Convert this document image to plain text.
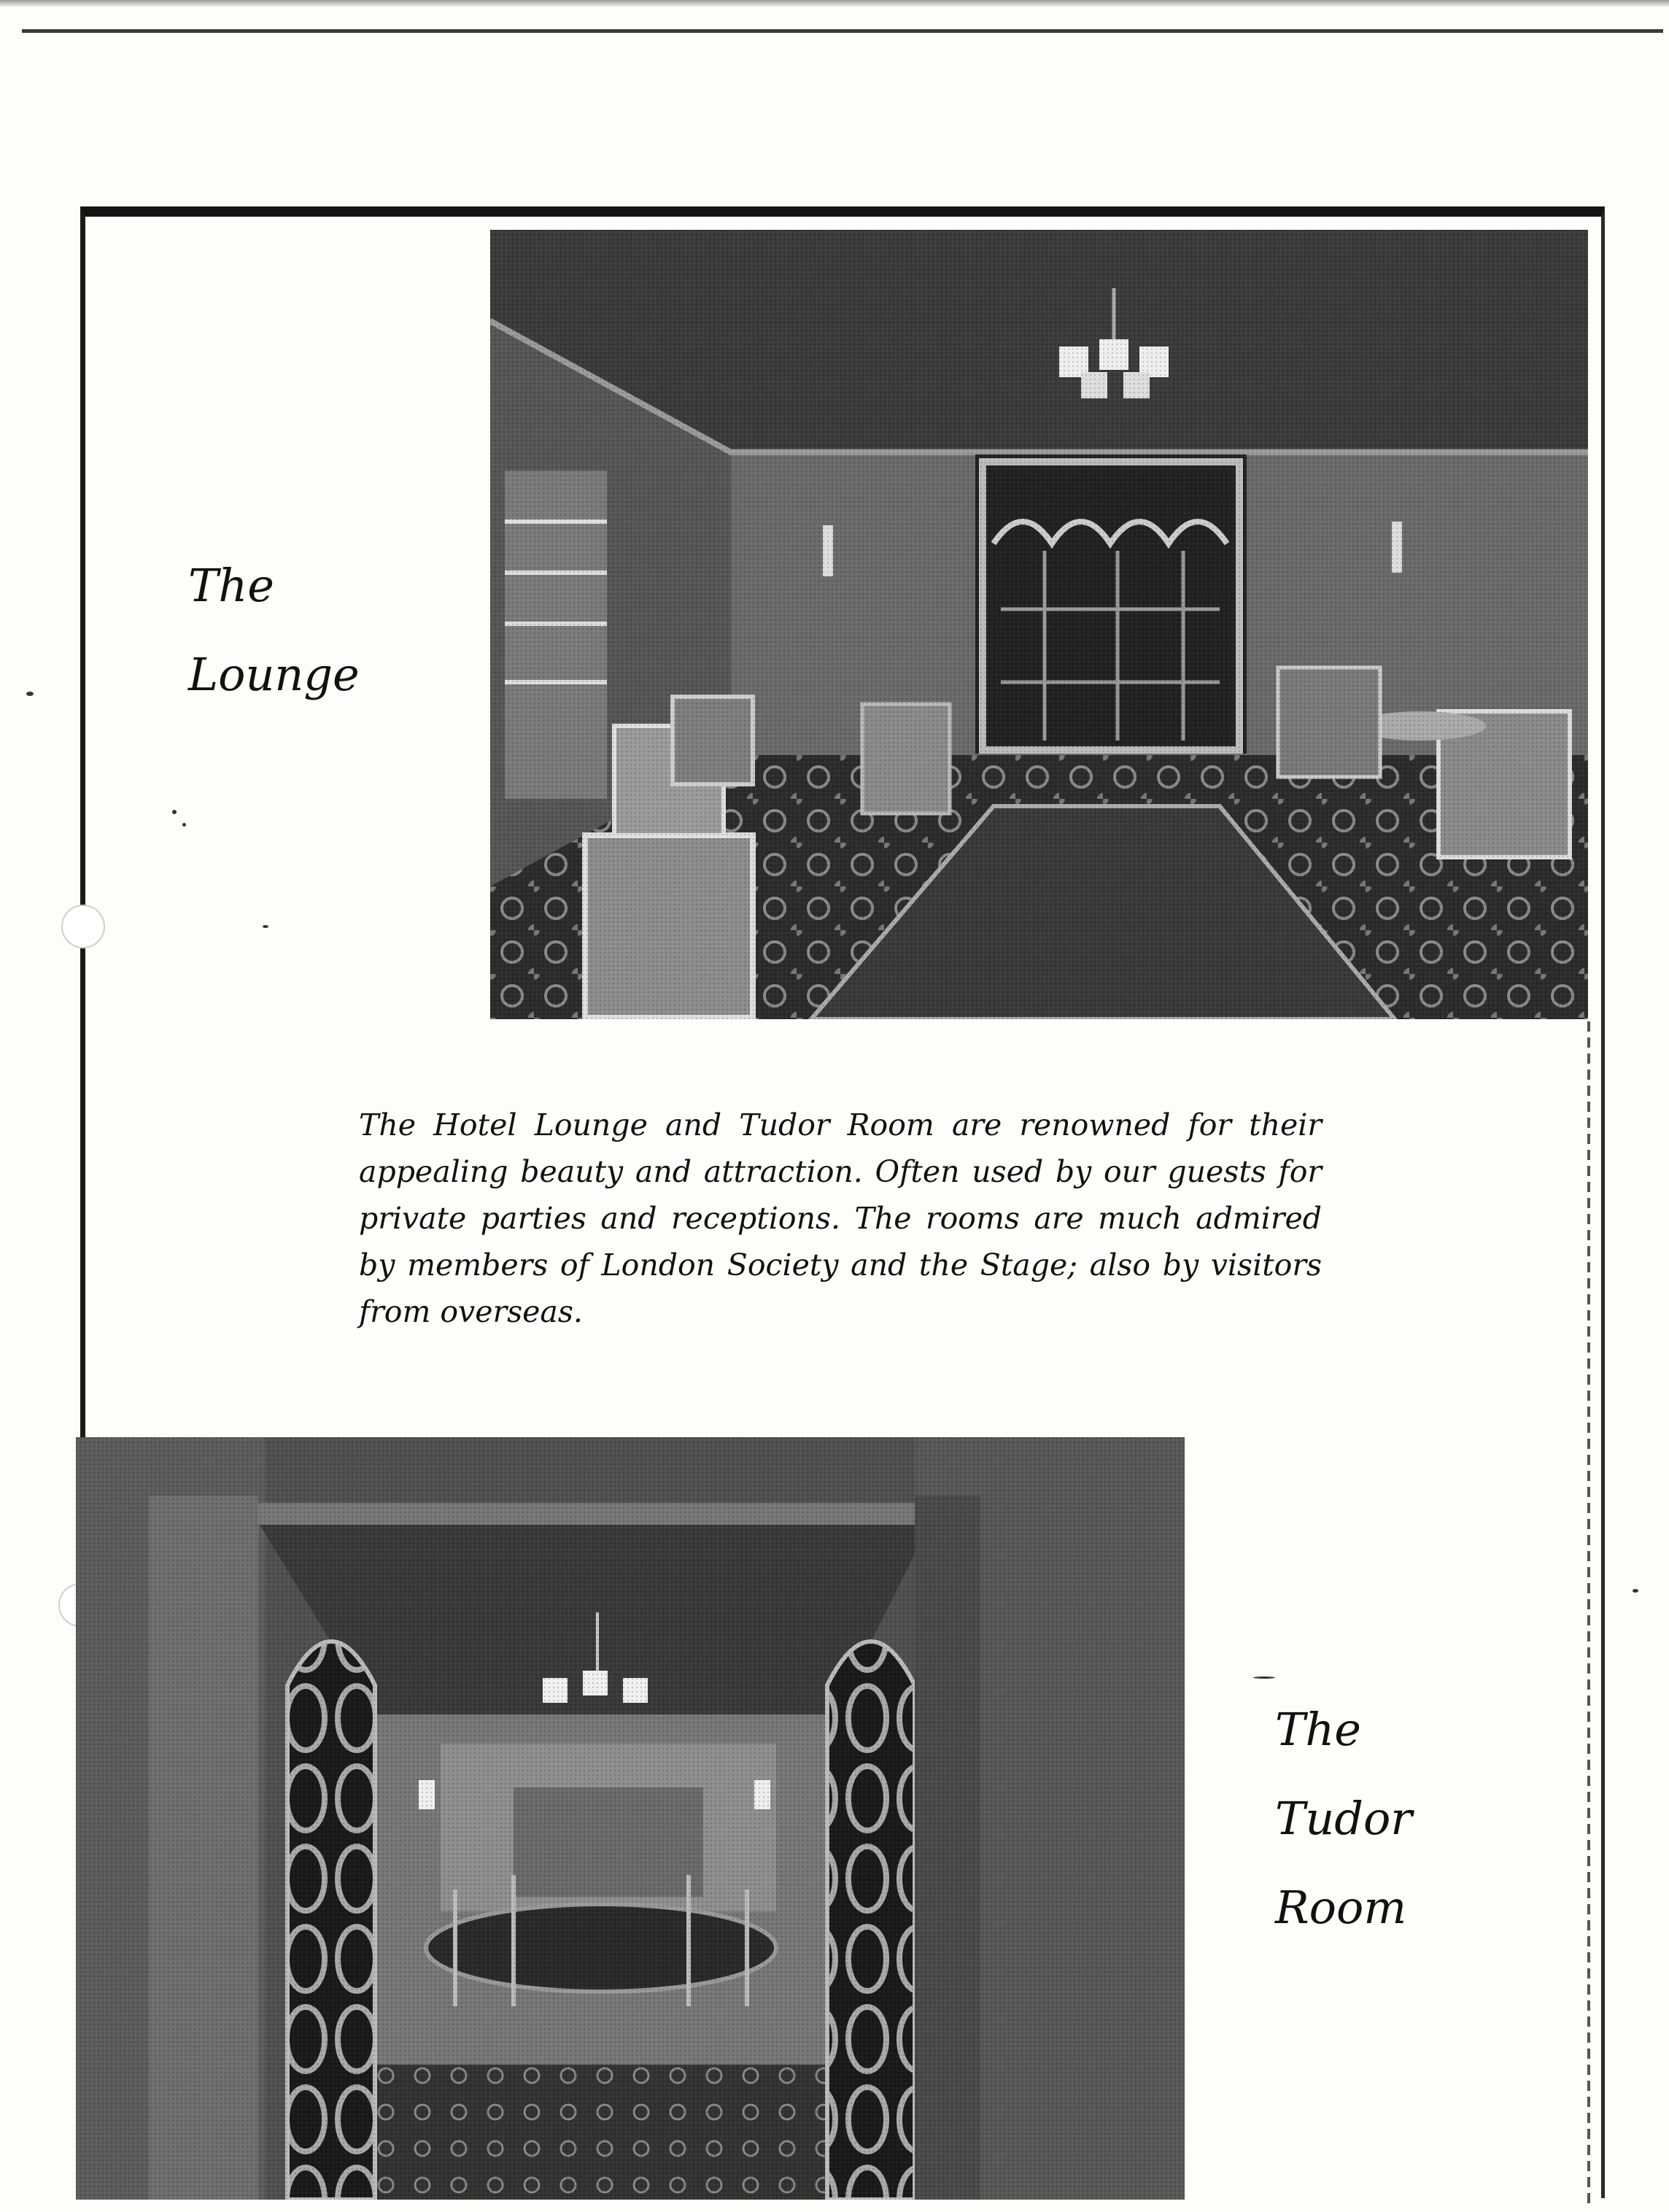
The
Lounge
The Hotel Lounge and Tudor Room are renowned for their appealing beauty and attraction. Often used by our guests for private parties and receptions. The rooms are much admired by members of London Society and the Stage; also by visitors from overseas.
The
Tudor
Room
